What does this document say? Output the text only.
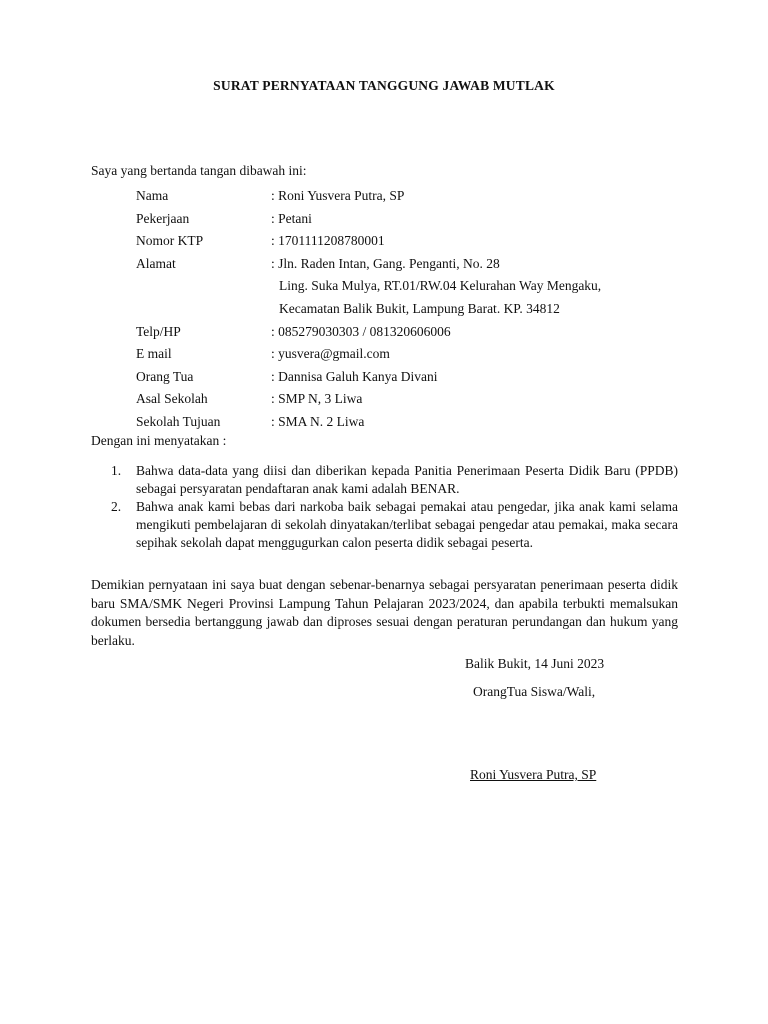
SURAT PERNYATAAN TANGGUNG JAWAB MUTLAK
Saya yang bertanda tangan dibawah ini:
Nama	: Roni Yusvera Putra, SP
Pekerjaan	: Petani
Nomor KTP	: 1701111208780001
Alamat	: Jln. Raden Intan, Gang. Penganti, No. 28
Ling. Suka Mulya, RT.01/RW.04 Kelurahan Way Mengaku,
Kecamatan Balik Bukit, Lampung Barat. KP. 34812
Telp/HP	: 085279030303 / 081320606006
E mail	: yusvera@gmail.com
Orang Tua	: Dannisa Galuh Kanya Divani
Asal Sekolah	: SMP N, 3 Liwa
Sekolah Tujuan	: SMA N. 2 Liwa
Dengan ini menyatakan :
1. Bahwa data-data yang diisi dan diberikan kepada Panitia Penerimaan Peserta Didik Baru (PPDB) sebagai persyaratan pendaftaran anak kami adalah BENAR.
2. Bahwa anak kami bebas dari narkoba baik sebagai pemakai atau pengedar, jika anak kami selama mengikuti pembelajaran di sekolah dinyatakan/terlibat sebagai pengedar atau pemakai, maka secara sepihak sekolah dapat menggugurkan calon peserta didik sebagai peserta.
Demikian pernyataan ini saya buat dengan sebenar-benarnya sebagai persyaratan penerimaan peserta didik baru SMA/SMK Negeri Provinsi Lampung Tahun Pelajaran 2023/2024, dan apabila terbukti memalsukan dokumen bersedia bertanggung jawab dan diproses sesuai dengan peraturan perundangan dan hukum yang berlaku.
Balik Bukit, 14 Juni 2023
OrangTua Siswa/Wali,
Roni Yusvera Putra, SP
